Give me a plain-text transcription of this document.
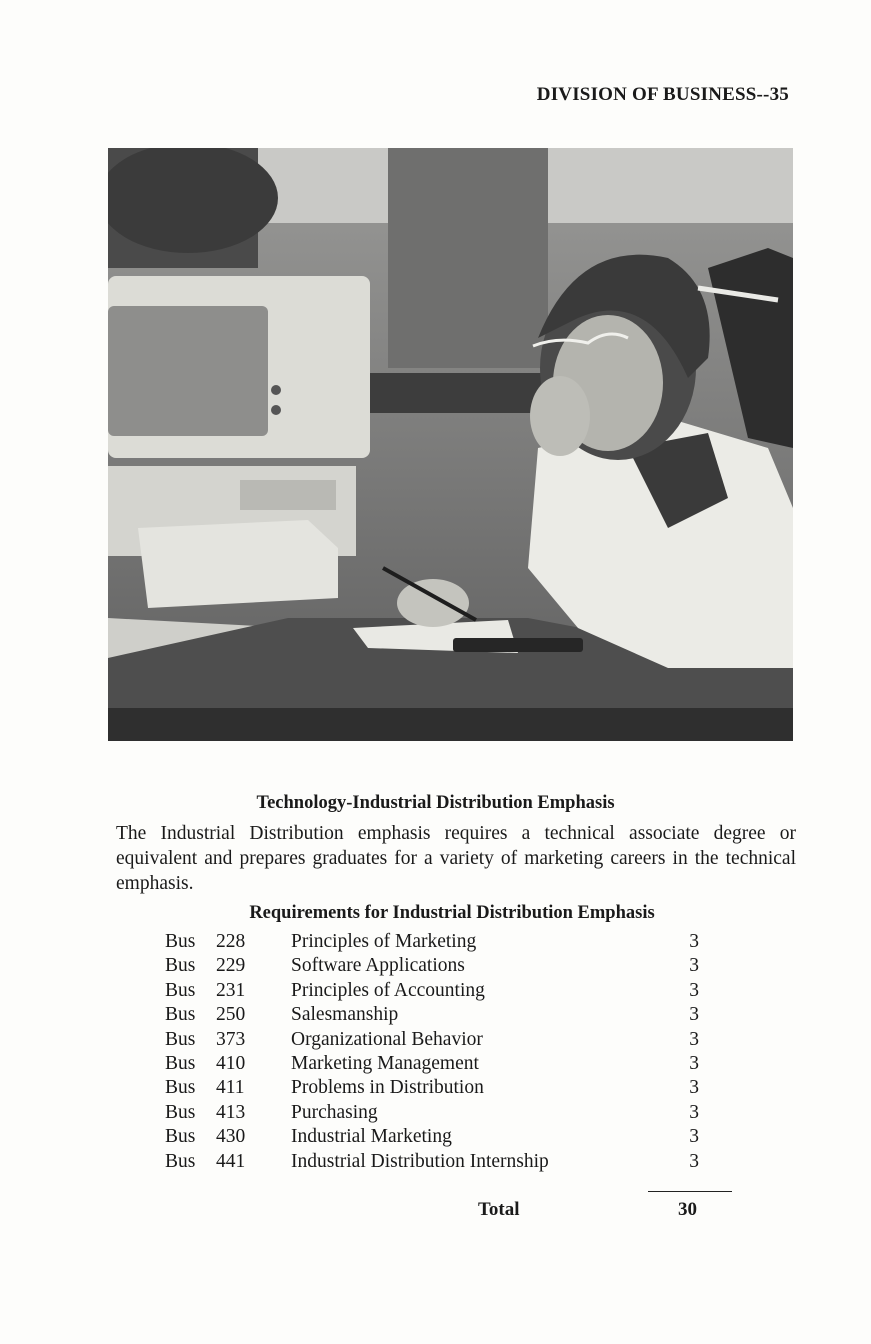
DIVISION OF BUSINESS--35
Technology-Industrial Distribution Emphasis
The Industrial Distribution emphasis requires a technical associate degree or equivalent and prepares graduates for a variety of marketing careers in the technical emphasis.
Requirements for Industrial Distribution Emphasis
Bus	228	Principles of Marketing	3
Bus	229	Software Applications	3
Bus	231	Principles of Accounting	3
Bus	250	Salesmanship	3
Bus	373	Organizational Behavior	3
Bus	410	Marketing Management	3
Bus	411	Problems in Distribution	3
Bus	413	Purchasing	3
Bus	430	Industrial Marketing	3
Bus	441	Industrial Distribution Internship	3
Total	30
